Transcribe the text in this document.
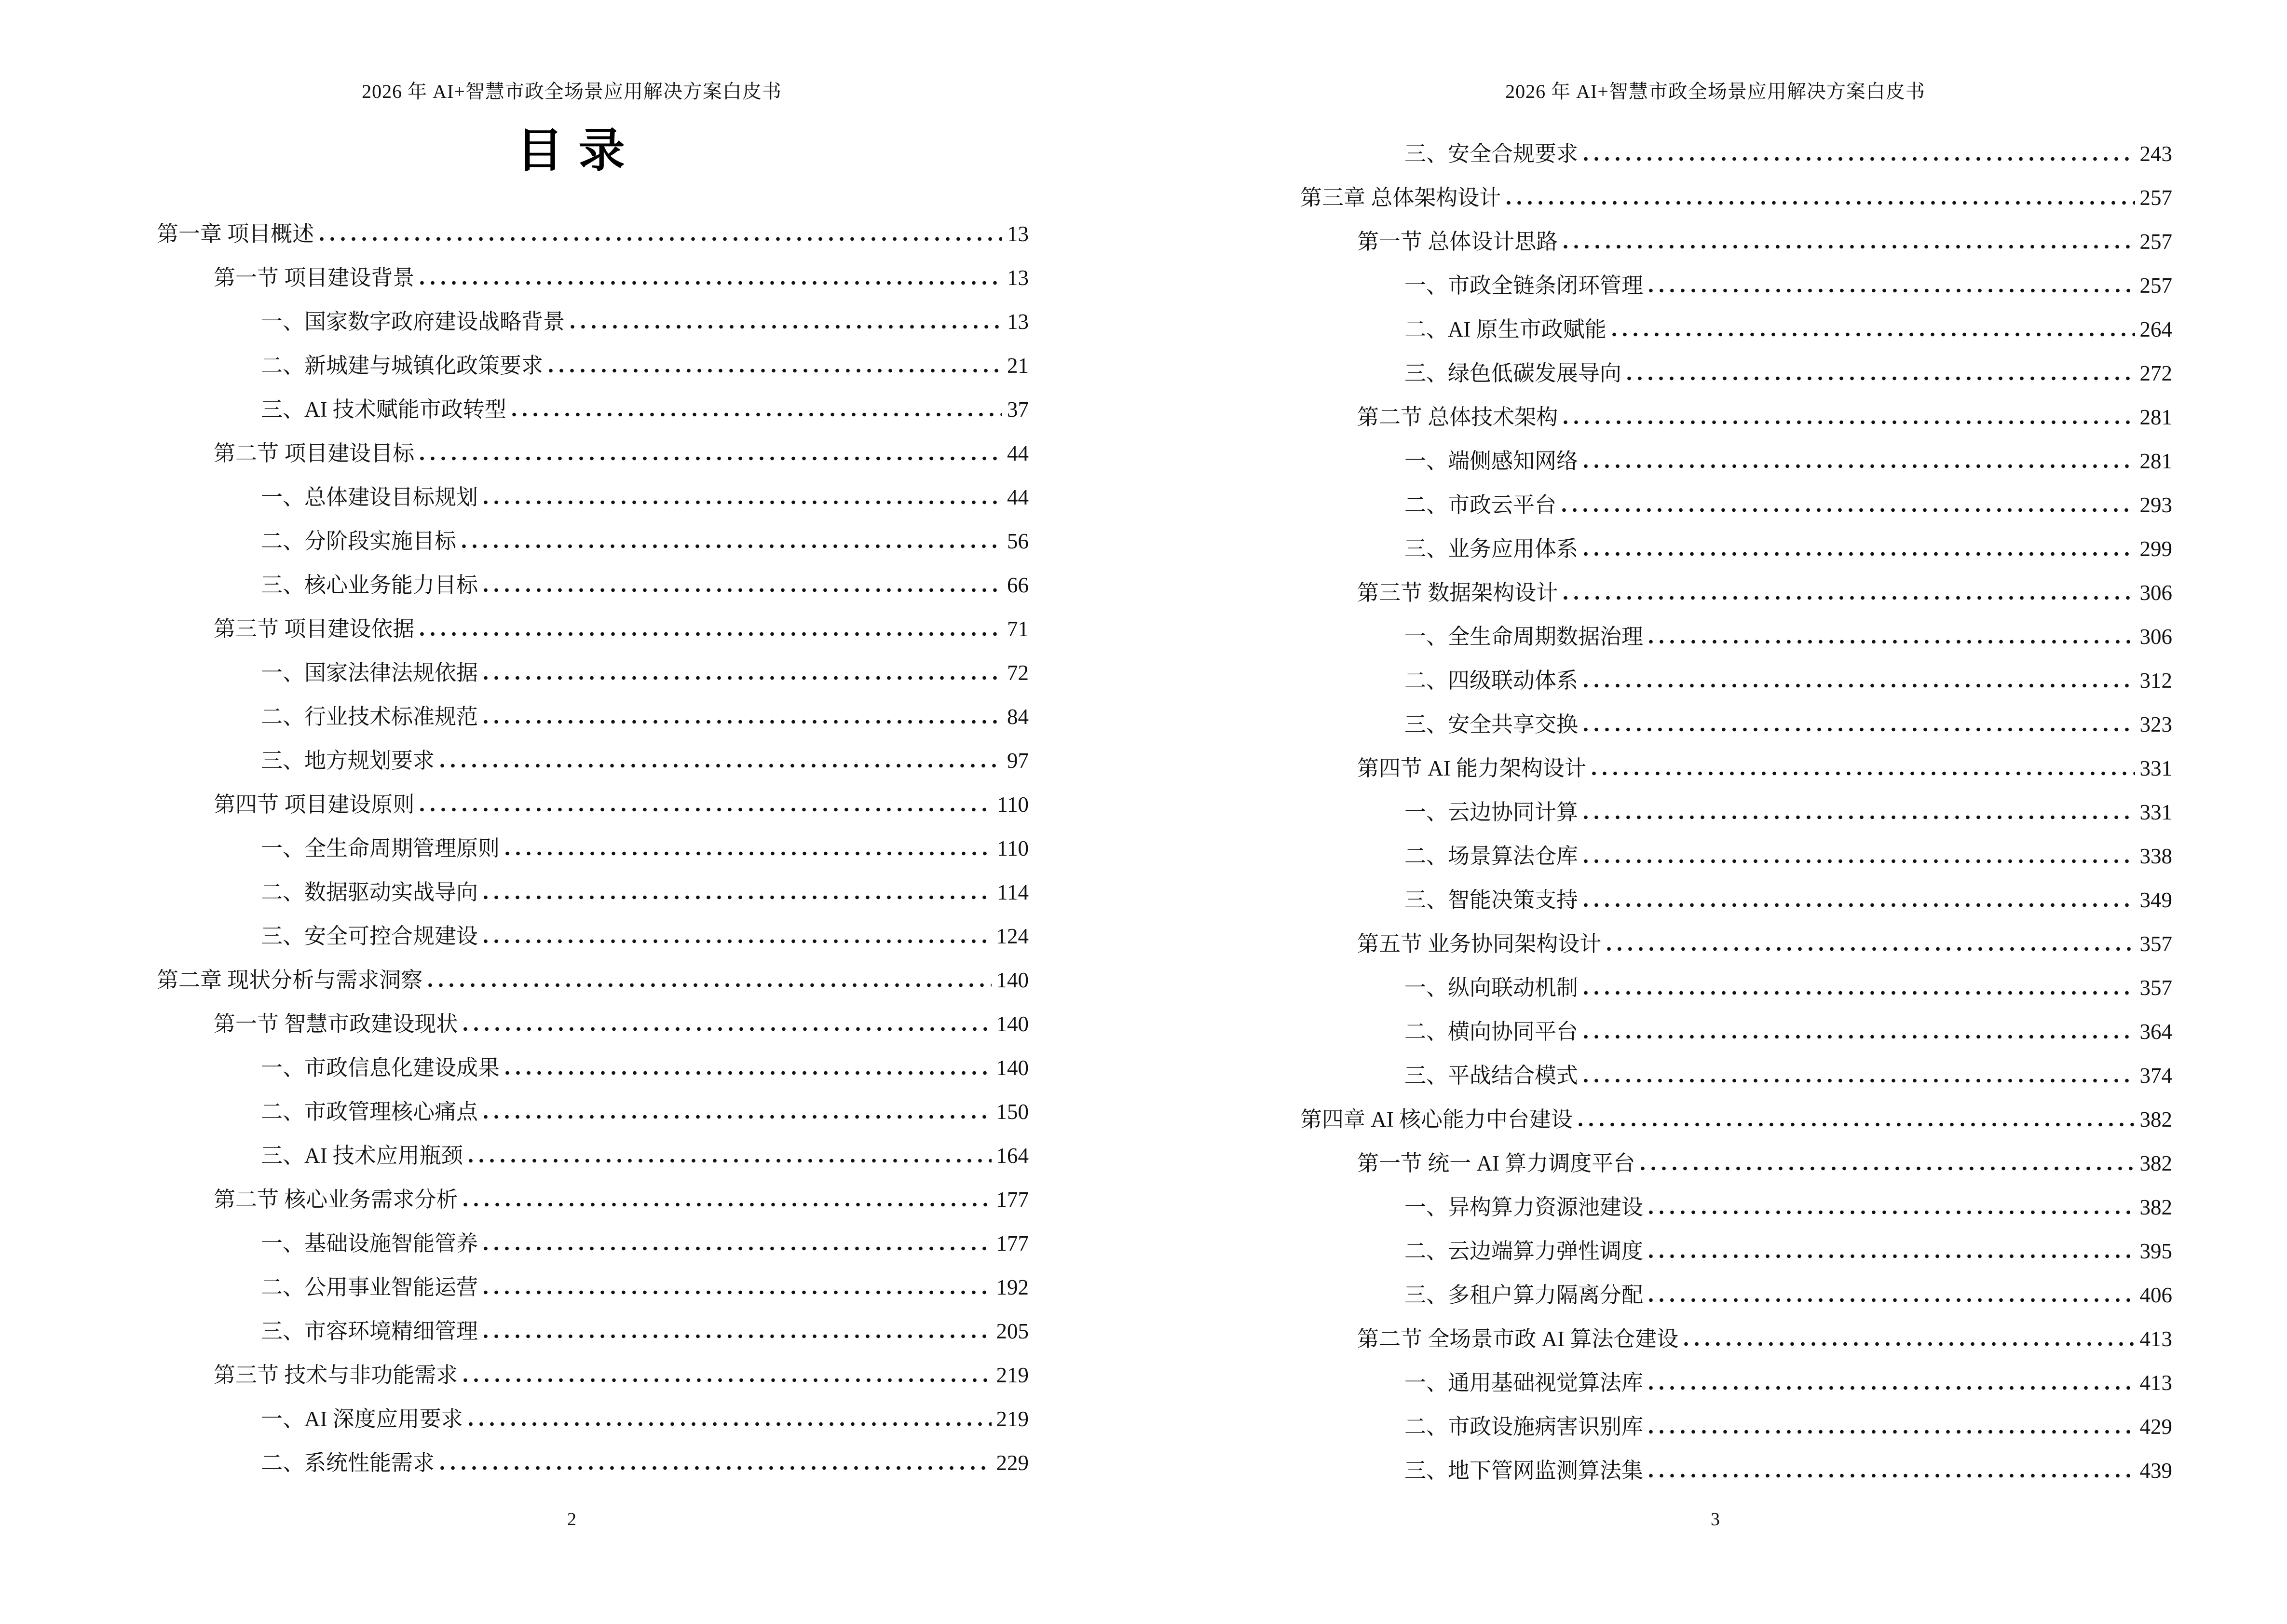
2026 年 AI+智慧市政全场景应用解决方案白皮书
目 录
第一章 项目概述	13
第一节 项目建设背景	13
一、国家数字政府建设战略背景	13
二、新城建与城镇化政策要求	21
三、AI 技术赋能市政转型	37
第二节 项目建设目标	44
一、总体建设目标规划	44
二、分阶段实施目标	56
三、核心业务能力目标	66
第三节 项目建设依据	71
一、国家法律法规依据	72
二、行业技术标准规范	84
三、地方规划要求	97
第四节 项目建设原则	110
一、全生命周期管理原则	110
二、数据驱动实战导向	114
三、安全可控合规建设	124
第二章 现状分析与需求洞察	140
第一节 智慧市政建设现状	140
一、市政信息化建设成果	140
二、市政管理核心痛点	150
三、AI 技术应用瓶颈	164
第二节 核心业务需求分析	177
一、基础设施智能管养	177
二、公用事业智能运营	192
三、市容环境精细管理	205
第三节 技术与非功能需求	219
一、AI 深度应用要求	219
二、系统性能需求	229
2
2026 年 AI+智慧市政全场景应用解决方案白皮书
三、安全合规要求	243
第三章 总体架构设计	257
第一节 总体设计思路	257
一、市政全链条闭环管理	257
二、AI 原生市政赋能	264
三、绿色低碳发展导向	272
第二节 总体技术架构	281
一、端侧感知网络	281
二、市政云平台	293
三、业务应用体系	299
第三节 数据架构设计	306
一、全生命周期数据治理	306
二、四级联动体系	312
三、安全共享交换	323
第四节 AI 能力架构设计	331
一、云边协同计算	331
二、场景算法仓库	338
三、智能决策支持	349
第五节 业务协同架构设计	357
一、纵向联动机制	357
二、横向协同平台	364
三、平战结合模式	374
第四章 AI 核心能力中台建设	382
第一节 统一 AI 算力调度平台	382
一、异构算力资源池建设	382
二、云边端算力弹性调度	395
三、多租户算力隔离分配	406
第二节 全场景市政 AI 算法仓建设	413
一、通用基础视觉算法库	413
二、市政设施病害识别库	429
三、地下管网监测算法集	439
3
